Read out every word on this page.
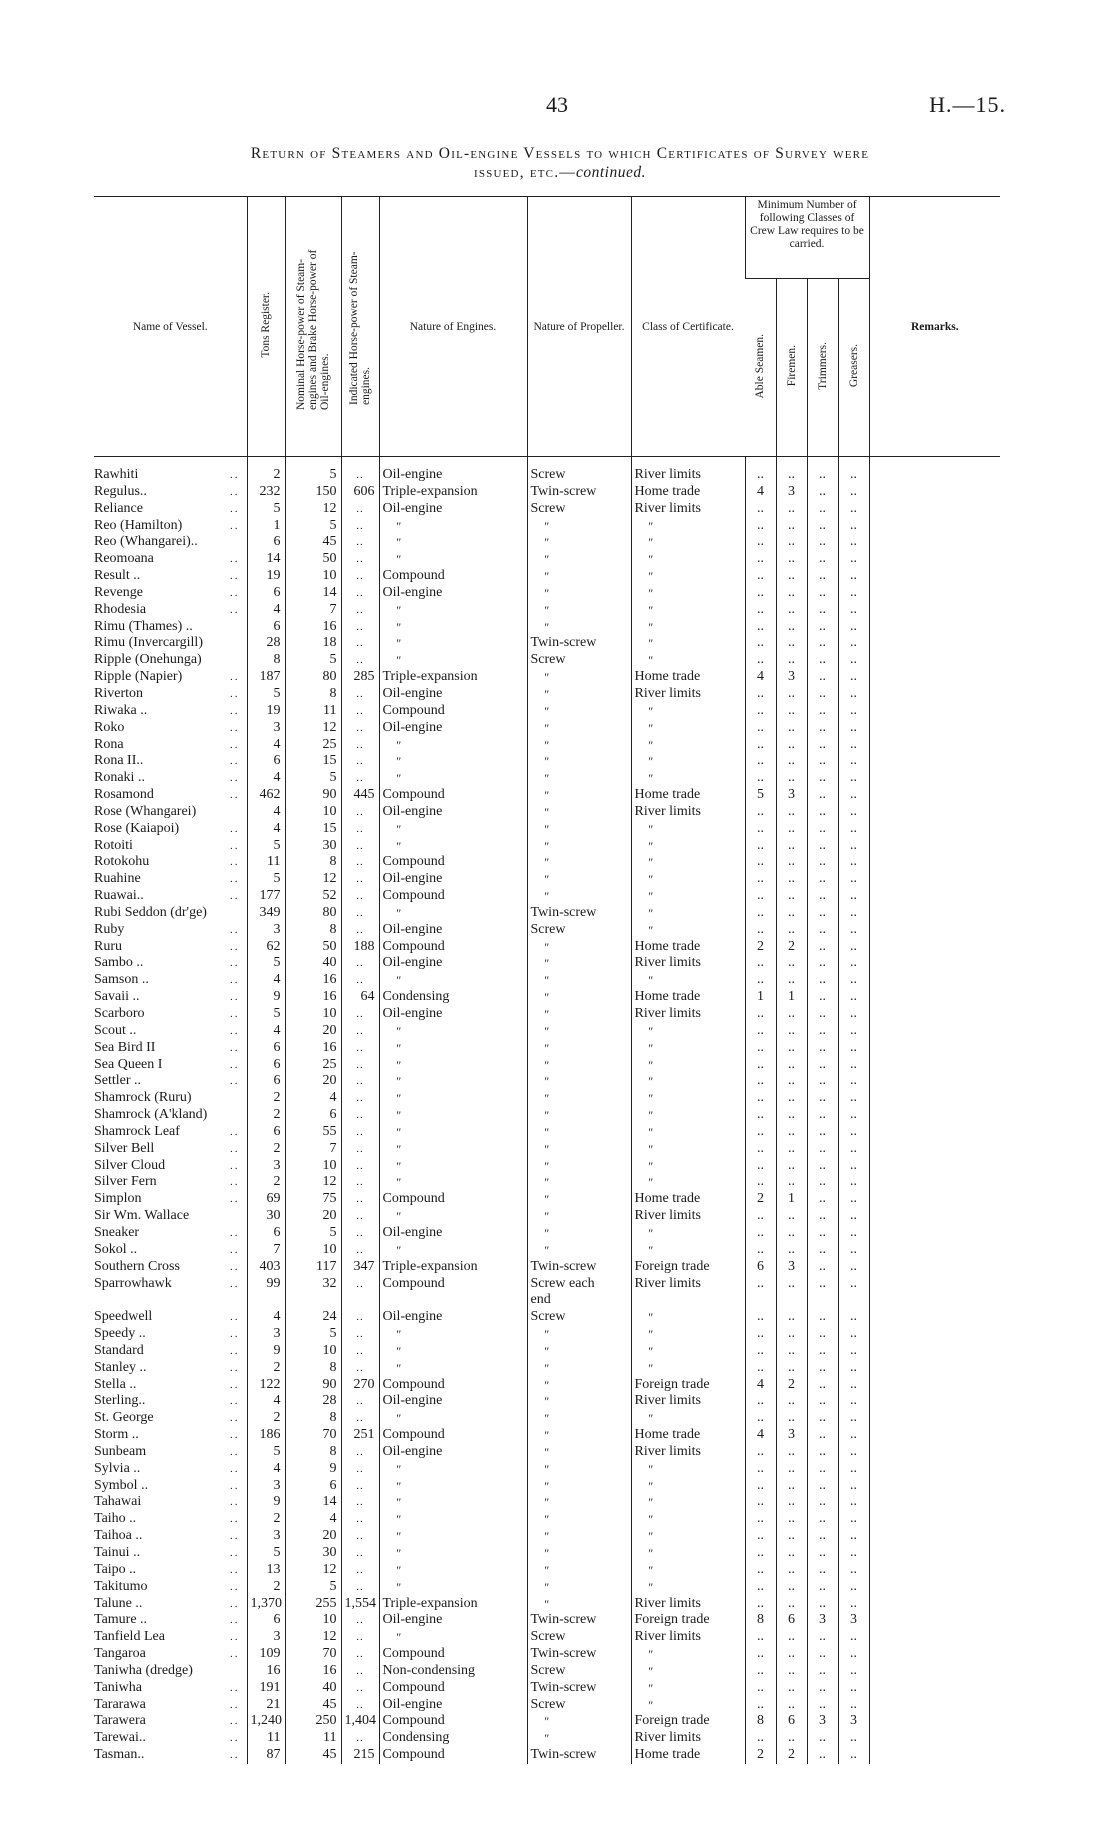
43	H.—15.
Return of Steamers and Oil-engine Vessels to which Certificates of Survey were
issued, etc.—continued.
Name of Vessel.	Tons Register.	Nominal Horse-power of Steam-engines and Brake Horse-power of Oil-engines.	Indicated Horse-power of Steam-engines.	Nature of Engines.	Nature of Propeller.	Class of Certificate.	Minimum Number of following Classes of Crew Law requires to be carried.				Remarks.
							Able Seamen.	Firemen.	Trimmers.	Greasers.	

Rawhiti ..	2	5	..	Oil-engine	Screw	River limits	..	..	..	..	

Regulus.. ..	232	150	606	Triple-expansion	Twin-screw	Home trade	4	3	..	..	

Reliance ..	5	12	..	Oil-engine	Screw	River limits	..	..	..	..	

Reo (Hamilton) ..	1	5	..	"	"	"	..	..	..	..	

Reo (Whangarei)..	6	45	..	"	"	"	..	..	..	..	

Reomoana ..	14	50	..	"	"	"	..	..	..	..	

Result .. ..	19	10	..	Compound	"	"	..	..	..	..	

Revenge ..	6	14	..	Oil-engine	"	"	..	..	..	..	

Rhodesia ..	4	7	..	"	"	"	..	..	..	..	

Rimu (Thames) ..	6	16	..	"	"	"	..	..	..	..	

Rimu (Invercargill)	28	18	..	"	Twin-screw	"	..	..	..	..	

Ripple (Onehunga)	8	5	..	"	Screw	"	..	..	..	..	

Ripple (Napier) ..	187	80	285	Triple-expansion	"	Home trade	4	3	..	..	

Riverton ..	5	8	..	Oil-engine	"	River limits	..	..	..	..	

Riwaka .. ..	19	11	..	Compound	"	"	..	..	..	..	

Roko ..	3	12	..	Oil-engine	"	"	..	..	..	..	

Rona ..	4	25	..	"	"	"	..	..	..	..	

Rona II.. ..	6	15	..	"	"	"	..	..	..	..	

Ronaki .. ..	4	5	..	"	"	"	..	..	..	..	

Rosamond ..	462	90	445	Compound	"	Home trade	5	3	..	..	

Rose (Whangarei)	4	10	..	Oil-engine	"	River limits	..	..	..	..	

Rose (Kaiapoi) ..	4	15	..	"	"	"	..	..	..	..	

Rotoiti ..	5	30	..	"	"	"	..	..	..	..	

Rotokohu ..	11	8	..	Compound	"	"	..	..	..	..	

Ruahine ..	5	12	..	Oil-engine	"	"	..	..	..	..	

Ruawai.. ..	177	52	..	Compound	"	"	..	..	..	..	

Rubi Seddon (dr'ge)	349	80	..	"	Twin-screw	"	..	..	..	..	

Ruby ..	3	8	..	Oil-engine	Screw	"	..	..	..	..	

Ruru ..	62	50	188	Compound	"	Home trade	2	2	..	..	

Sambo .. ..	5	40	..	Oil-engine	"	River limits	..	..	..	..	

Samson .. ..	4	16	..	"	"	"	..	..	..	..	

Savaii .. ..	9	16	64	Condensing	"	Home trade	1	1	..	..	

Scarboro ..	5	10	..	Oil-engine	"	River limits	..	..	..	..	

Scout .. ..	4	20	..	"	"	"	..	..	..	..	

Sea Bird II ..	6	16	..	"	"	"	..	..	..	..	

Sea Queen I ..	6	25	..	"	"	"	..	..	..	..	

Settler .. ..	6	20	..	"	"	"	..	..	..	..	

Shamrock (Ruru)	2	4	..	"	"	"	..	..	..	..	

Shamrock (A'kland)	2	6	..	"	"	"	..	..	..	..	

Shamrock Leaf ..	6	55	..	"	"	"	..	..	..	..	

Silver Bell ..	2	7	..	"	"	"	..	..	..	..	

Silver Cloud ..	3	10	..	"	"	"	..	..	..	..	

Silver Fern ..	2	12	..	"	"	"	..	..	..	..	

Simplon ..	69	75	..	Compound	"	Home trade	2	1	..	..	

Sir Wm. Wallace	30	20	..	"	"	River limits	..	..	..	..	

Sneaker ..	6	5	..	Oil-engine	"	"	..	..	..	..	

Sokol .. ..	7	10	..	"	"	"	..	..	..	..	

Southern Cross ..	403	117	347	Triple-expansion	Twin-screw	Foreign trade	6	3	..	..	

Sparrowhawk ..	99	32	..	Compound	Screw each	River limits	..	..	..	..	

					end						

Speedwell ..	4	24	..	Oil-engine	Screw	"	..	..	..	..	

Speedy .. ..	3	5	..	"	"	"	..	..	..	..	

Standard ..	9	10	..	"	"	"	..	..	..	..	

Stanley .. ..	2	8	..	"	"	"	..	..	..	..	

Stella .. ..	122	90	270	Compound	"	Foreign trade	4	2	..	..	

Sterling.. ..	4	28	..	Oil-engine	"	River limits	..	..	..	..	

St. George ..	2	8	..	"	"	"	..	..	..	..	

Storm .. ..	186	70	251	Compound	"	Home trade	4	3	..	..	

Sunbeam ..	5	8	..	Oil-engine	"	River limits	..	..	..	..	

Sylvia .. ..	4	9	..	"	"	"	..	..	..	..	

Symbol .. ..	3	6	..	"	"	"	..	..	..	..	

Tahawai ..	9	14	..	"	"	"	..	..	..	..	

Taiho .. ..	2	4	..	"	"	"	..	..	..	..	

Taihoa .. ..	3	20	..	"	"	"	..	..	..	..	

Tainui .. ..	5	30	..	"	"	"	..	..	..	..	

Taipo .. ..	13	12	..	"	"	"	..	..	..	..	

Takitumo ..	2	5	..	"	"	"	..	..	..	..	

Talune .. ..	1,370	255	1,554	Triple-expansion	"	River limits	..	..	..	..	

Tamure .. ..	6	10	..	Oil-engine	Twin-screw	Foreign trade	8	6	3	3	

Tanfield Lea ..	3	12	..	"	Screw	River limits	..	..	..	..	

Tangaroa ..	109	70	..	Compound	Twin-screw	"	..	..	..	..	

Taniwha (dredge)	16	16	..	Non-condensing	Screw	"	..	..	..	..	

Taniwha ..	191	40	..	Compound	Twin-screw	"	..	..	..	..	

Tararawa ..	21	45	..	Oil-engine	Screw	"	..	..	..	..	

Tarawera ..	1,240	250	1,404	Compound	"	Foreign trade	8	6	3	3	

Tarewai.. ..	11	11	..	Condensing	"	River limits	..	..	..	..	

Tasman.. ..	87	45	215	Compound	Twin-screw	Home trade	2	2	..	..	
